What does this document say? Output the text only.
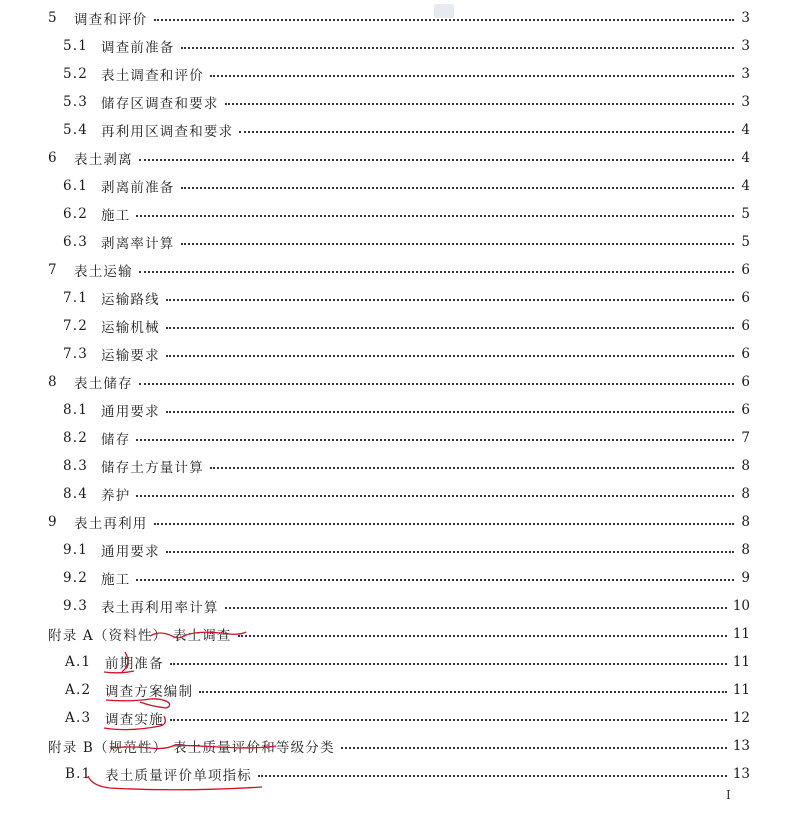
5	调查和评价	3
5.1 调查前准备	3
5.2 表土调查和评价	3
5.3 储存区调查和要求	3
5.4 再利用区调查和要求	4
6	表土剥离	4
6.1 剥离前准备	4
6.2 施工	5
6.3 剥离率计算	5
7	表土运输	6
7.1 运输路线	6
7.2 运输机械	6
7.3 运输要求	6
8	表土储存	6
8.1 通用要求	6
8.2 储存	7
8.3 储存土方量计算	8
8.4 养护	8
9	表土再利用	8
9.1 通用要求	8
9.2 施工	9
9.3 表土再利用率计算	10
附录 A（资料性） 表土调查	11
A.1	前期准备	11
A.2	调查方案编制	11
A.3	调查实施	12
附录 B（规范性） 表土质量评价和等级分类	13
B.1	表土质量评价单项指标	13
I
